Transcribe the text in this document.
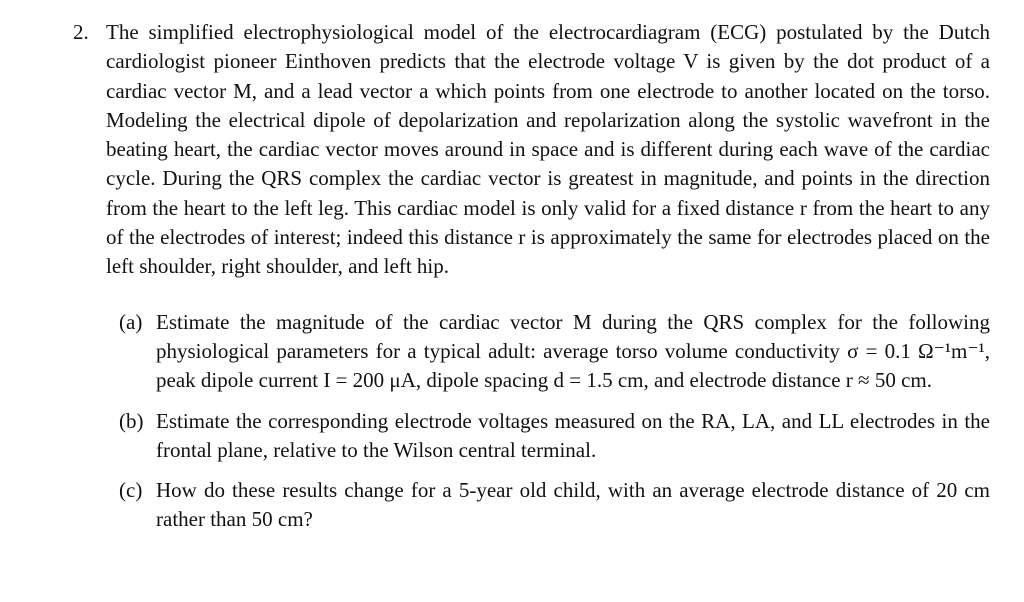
2. The simplified electrophysiological model of the electrocardiagram (ECG) postulated by the Dutch cardiologist pioneer Einthoven predicts that the electrode voltage V is given by the dot product of a cardiac vector M, and a lead vector a which points from one electrode to another located on the torso. Modeling the electrical dipole of depolarization and repolarization along the systolic wavefront in the beating heart, the cardiac vector moves around in space and is different during each wave of the cardiac cycle. During the QRS complex the cardiac vector is greatest in magnitude, and points in the direction from the heart to the left leg. This cardiac model is only valid for a fixed distance r from the heart to any of the electrodes of interest; indeed this distance r is approximately the same for electrodes placed on the left shoulder, right shoulder, and left hip.

(a) Estimate the magnitude of the cardiac vector M during the QRS complex for the following physiological parameters for a typical adult: average torso volume conductivity σ = 0.1 Ω⁻¹m⁻¹, peak dipole current I = 200 μA, dipole spacing d = 1.5 cm, and electrode distance r ≈ 50 cm.

(b) Estimate the corresponding electrode voltages measured on the RA, LA, and LL electrodes in the frontal plane, relative to the Wilson central terminal.

(c) How do these results change for a 5-year old child, with an average electrode distance of 20 cm rather than 50 cm?
